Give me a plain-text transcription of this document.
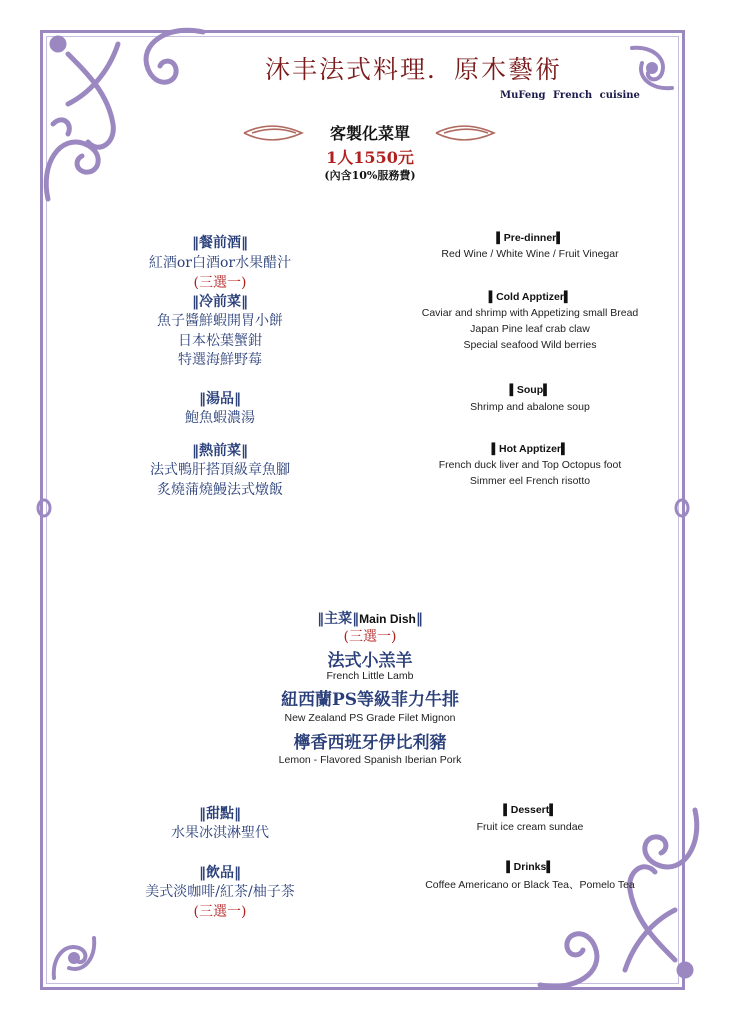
沐丰法式料理．原木藝術
MuFeng French cuisine
客製化菜單
1人1550元
(內含10%服務費)
‖餐前酒‖
紅酒or白酒or水果醋汁
(三選一)
▌Pre-dinner▌
Red Wine / White Wine / Fruit Vinegar
‖冷前菜‖
魚子醬鮮蝦開胃小餅
日本松葉蟹鉗
特選海鮮野莓
▌Cold Apptizer▌
Caviar and shrimp with Appetizing small Bread
Japan Pine leaf crab claw
Special seafood Wild berries
‖湯品‖
鮑魚蝦濃湯
▌Soup▌
Shrimp and abalone soup
‖熱前菜‖
法式鴨肝搭頂級章魚腳
炙燒蒲燒鰻法式燉飯
▌Hot Apptizer▌
French duck liver and Top Octopus foot
Simmer eel French risotto
‖主菜‖Main Dish‖
(三選一)
法式小羔羊
French Little Lamb
紐西蘭PS等級菲力牛排
New Zealand PS Grade Filet Mignon
檸香西班牙伊比利豬
Lemon - Flavored Spanish Iberian Pork
‖甜點‖
水果冰淇淋聖代
▌Dessert▌
Fruit ice cream sundae
‖飲品‖
美式淡咖啡/紅茶/柚子茶
(三選一)
▌Drinks▌
Coffee Americano or Black Tea、Pomelo Tea
